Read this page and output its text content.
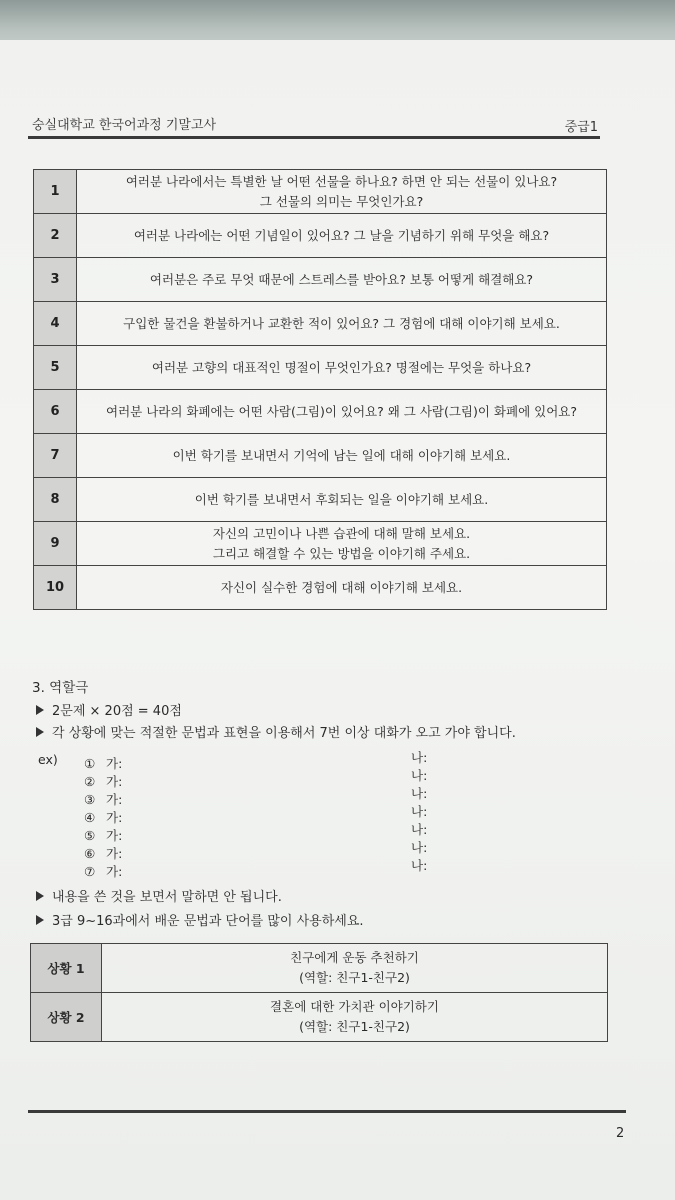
숭실대학교 한국어과정 기말고사	중급1
1	여러분 나라에서는 특별한 날 어떤 선물을 하나요? 하면 안 되는 선물이 있나요?
그 선물의 의미는 무엇인가요?
2	여러분 나라에는 어떤 기념일이 있어요? 그 날을 기념하기 위해 무엇을 해요?
3	여러분은 주로 무엇 때문에 스트레스를 받아요? 보통 어떻게 해결해요?
4	구입한 물건을 환불하거나 교환한 적이 있어요? 그 경험에 대해 이야기해 보세요.
5	여러분 고향의 대표적인 명절이 무엇인가요? 명절에는 무엇을 하나요?
6	여러분 나라의 화폐에는 어떤 사람(그림)이 있어요? 왜 그 사람(그림)이 화폐에 있어요?
7	이번 학기를 보내면서 기억에 남는 일에 대해 이야기해 보세요.
8	이번 학기를 보내면서 후회되는 일을 이야기해 보세요.
9	자신의 고민이나 나쁜 습관에 대해 말해 보세요.
그리고 해결할 수 있는 방법을 이야기해 주세요.
10	자신이 실수한 경험에 대해 이야기해 보세요.
3. 역할극
2문제 × 20점 = 40점
각 상황에 맞는 적절한 문법과 표현을 이용해서 7번 이상 대화가 오고 가야 합니다.
내용을 쓴 것을 보면서 말하면 안 됩니다.
3급 9~16과에서 배운 문법과 단어를 많이 사용하세요.
ex) ① 가:	나:
② 가:	나:
③ 가:	나:
④ 가:	나:
⑤ 가:	나:
⑥ 가:	나:
⑦ 가:	나:
상황 1	친구에게 운동 추천하기
(역할: 친구1-친구2)

상황 2	결혼에 대한 가치관 이야기하기
(역할: 친구1-친구2)
2
